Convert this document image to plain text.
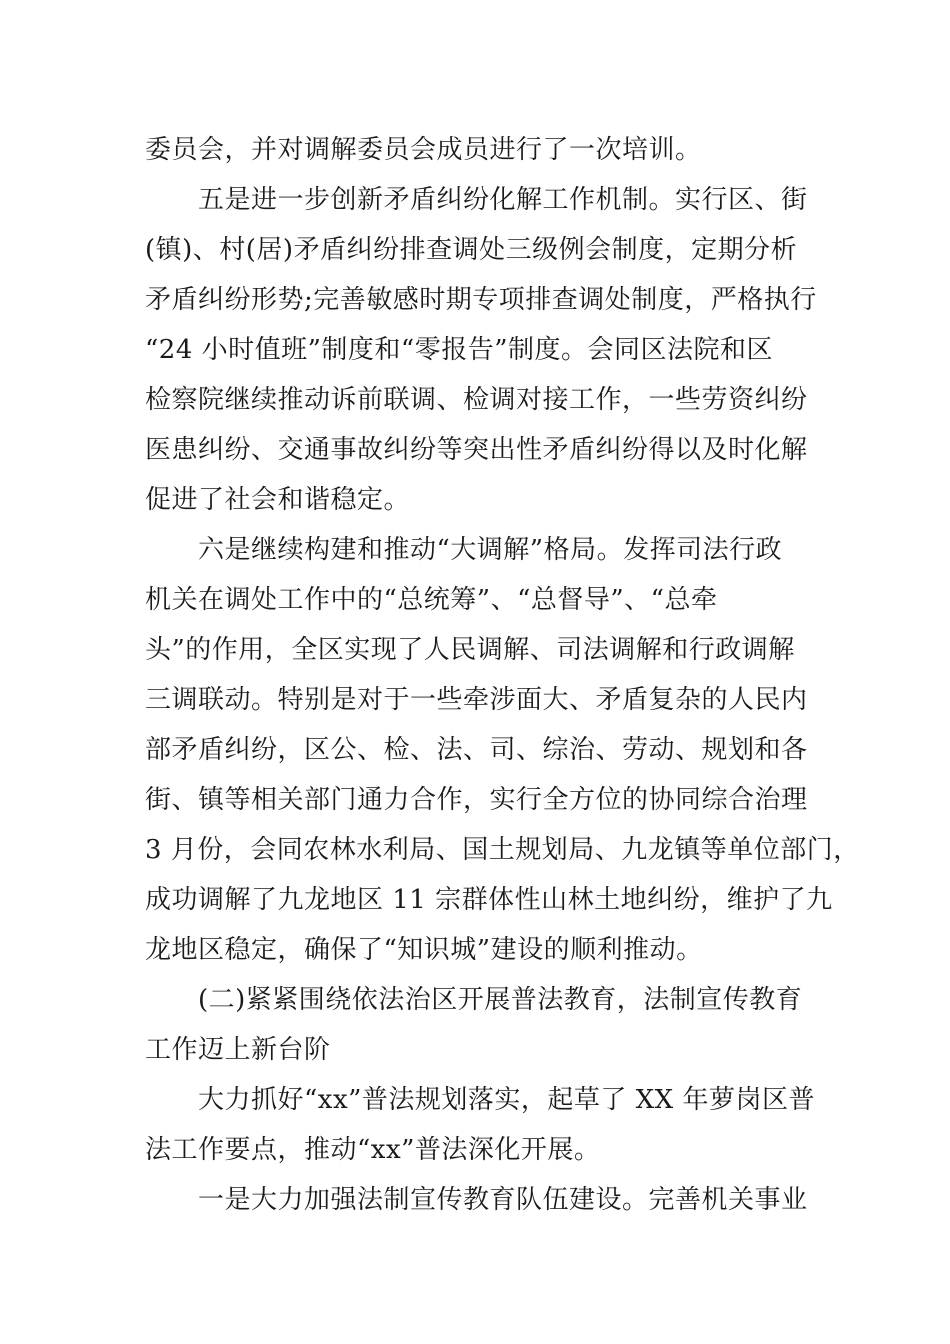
委员会，并对调解委员会成员进行了一次培训。
五是进一步创新矛盾纠纷化解工作机制。实行区、街
(镇)、村(居)矛盾纠纷排查调处三级例会制度，定期分析
矛盾纠纷形势;完善敏感时期专项排查调处制度，严格执行
“24 小时值班”制度和“零报告”制度。会同区法院和区
检察院继续推动诉前联调、检调对接工作，一些劳资纠纷
医患纠纷、交通事故纠纷等突出性矛盾纠纷得以及时化解
促进了社会和谐稳定。
六是继续构建和推动“大调解”格局。发挥司法行政
机关在调处工作中的“总统筹”、“总督导”、“总牵
头”的作用，全区实现了人民调解、司法调解和行政调解
三调联动。特别是对于一些牵涉面大、矛盾复杂的人民内
部矛盾纠纷，区公、检、法、司、综治、劳动、规划和各
街、镇等相关部门通力合作，实行全方位的协同综合治理
3 月份，会同农林水利局、国土规划局、九龙镇等单位部门，
成功调解了九龙地区 11 宗群体性山林土地纠纷，维护了九
龙地区稳定，确保了“知识城”建设的顺利推动。
(二)紧紧围绕依法治区开展普法教育，法制宣传教育
工作迈上新台阶
大力抓好“xx”普法规划落实，起草了 XX 年萝岗区普
法工作要点，推动“xx”普法深化开展。
一是大力加强法制宣传教育队伍建设。完善机关事业
